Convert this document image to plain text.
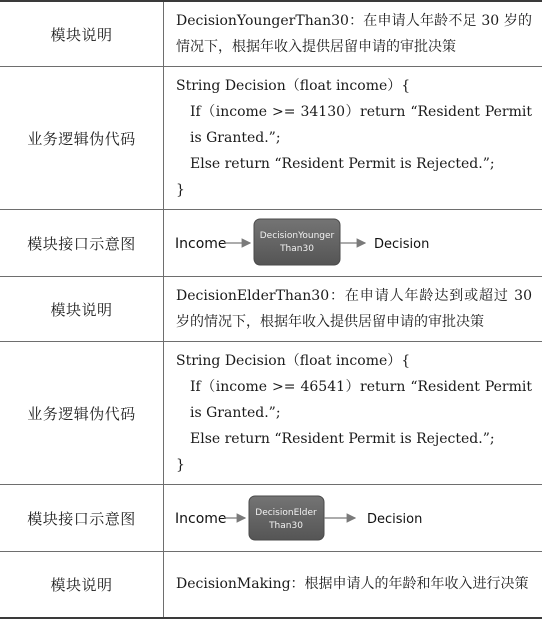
模块说明	DecisionYoungerThan30：在申请人年龄不足 30 岁的情况下，根据年收入提供居留申请的审批决策
业务逻辑伪代码	String Decision（float income）{
If（income >= 34130）return “Resident Permit is Granted.”;
Else return “Resident Permit is Rejected.”;
}

模块接口示意图	Income DecisionYounger
Than30 Decision

模块说明	DecisionElderThan30：在申请人年龄达到或超过 30 岁的情况下，根据年收入提供居留申请的审批决策
业务逻辑伪代码	String Decision（float income）{
If（income >= 46541）return “Resident Permit is Granted.”;
Else return “Resident Permit is Rejected.”;
}

模块接口示意图	Income DecisionElder
Than30 Decision

模块说明	DecisionMaking：根据申请人的年龄和年收入进行决策
